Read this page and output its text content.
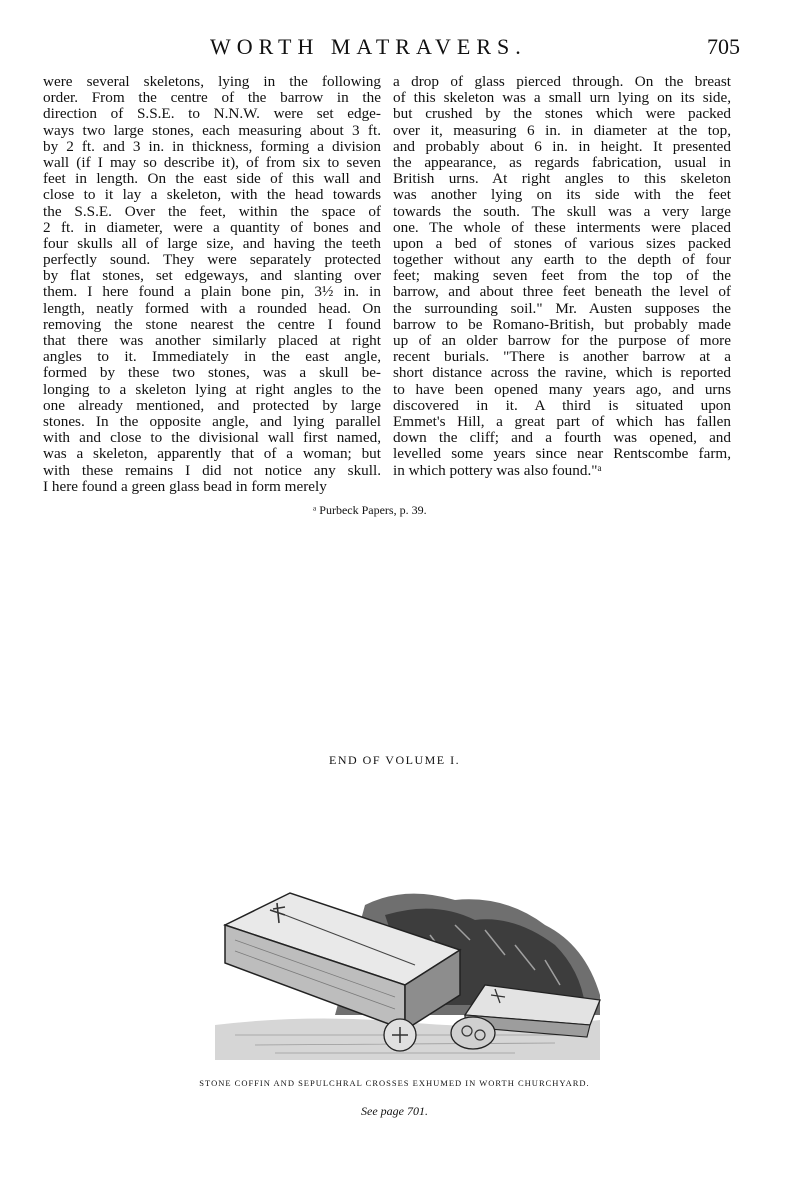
WORTH MATRAVERS.	705
were several skeletons, lying in the following
order. From the centre of the barrow in the
direction of S.S.E. to N.N.W. were set edge-
ways two large stones, each measuring about 3 ft.
by 2 ft. and 3 in. in thickness, forming a division
wall (if I may so describe it), of from six to seven
feet in length. On the east side of this wall and
close to it lay a skeleton, with the head towards
the S.S.E. Over the feet, within the space of
2 ft. in diameter, were a quantity of bones and
four skulls all of large size, and having the teeth
perfectly sound. They were separately protected
by flat stones, set edgeways, and slanting over
them. I here found a plain bone pin, 3½ in. in
length, neatly formed with a rounded head. On
removing the stone nearest the centre I found
that there was another similarly placed at right
angles to it. Immediately in the east angle,
formed by these two stones, was a skull be-
longing to a skeleton lying at right angles to the
one already mentioned, and protected by large
stones. In the opposite angle, and lying parallel
with and close to the divisional wall first named,
was a skeleton, apparently that of a woman; but
with these remains I did not notice any skull.
I here found a green glass bead in form merely
a drop of glass pierced through. On the breast
of this skeleton was a small urn lying on its side,
but crushed by the stones which were packed
over it, measuring 6 in. in diameter at the top,
and probably about 6 in. in height. It presented
the appearance, as regards fabrication, usual in
British urns. At right angles to this skeleton
was another lying on its side with the feet
towards the south. The skull was a very large
one. The whole of these interments were placed
upon a bed of stones of various sizes packed
together without any earth to the depth of four
feet; making seven feet from the top of the
barrow, and about three feet beneath the level of
the surrounding soil." Mr. Austen supposes the
barrow to be Romano-British, but probably made
up of an older barrow for the purpose of more
recent burials. "There is another barrow at a
short distance across the ravine, which is reported
to have been opened many years ago, and urns
discovered in it. A third is situated upon
Emmet's Hill, a great part of which has fallen
down the cliff; and a fourth was opened, and
levelled some years since near Rentscombe farm,
in which pottery was also found."ᵃ
ᵃ Purbeck Papers, p. 39.
END OF VOLUME I.
STONE COFFIN AND SEPULCHRAL CROSSES EXHUMED IN WORTH CHURCHYARD.
See page 701.
